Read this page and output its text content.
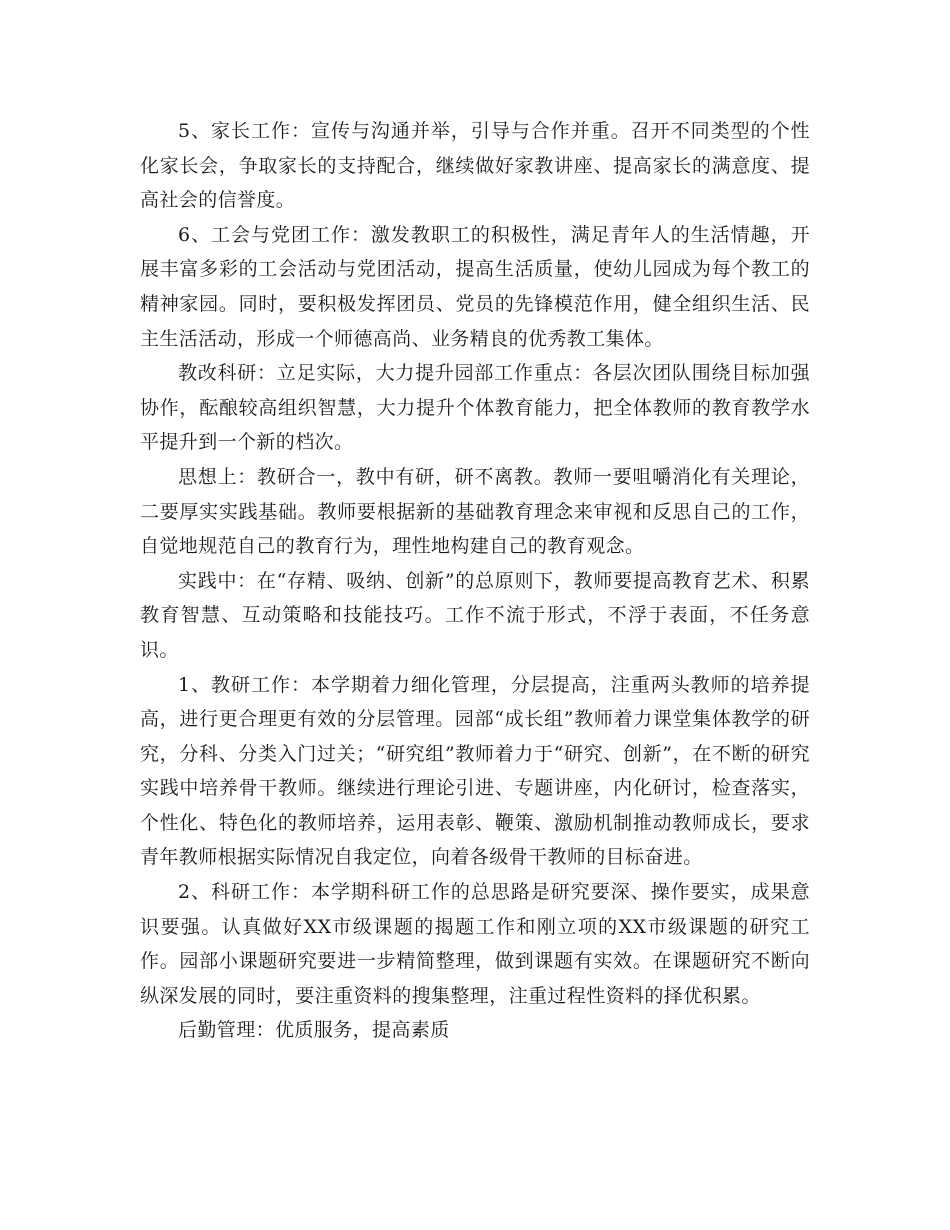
5、家长工作：宣传与沟通并举，引导与合作并重。召开不同类型的个性化家长会，争取家长的支持配合，继续做好家教讲座、提高家长的满意度、提高社会的信誉度。

6、工会与党团工作：激发教职工的积极性，满足青年人的生活情趣，开展丰富多彩的工会活动与党团活动，提高生活质量，使幼儿园成为每个教工的精神家园。同时，要积极发挥团员、党员的先锋模范作用，健全组织生活、民主生活活动，形成一个师德高尚、业务精良的优秀教工集体。

教改科研：立足实际，大力提升园部工作重点：各层次团队围绕目标加强协作，酝酿较高组织智慧，大力提升个体教育能力，把全体教师的教育教学水平提升到一个新的档次。

思想上：教研合一，教中有研，研不离教。教师一要咀嚼消化有关理论，二要厚实实践基础。教师要根据新的基础教育理念来审视和反思自己的工作，自觉地规范自己的教育行为，理性地构建自己的教育观念。

实践中：在“存精、吸纳、创新”的总原则下，教师要提高教育艺术、积累教育智慧、互动策略和技能技巧。工作不流于形式，不浮于表面，不任务意识。

1、教研工作：本学期着力细化管理，分层提高，注重两头教师的培养提高，进行更合理更有效的分层管理。园部“成长组”教师着力课堂集体教学的研究，分科、分类入门过关；“研究组”教师着力于“研究、创新”，在不断的研究实践中培养骨干教师。继续进行理论引进、专题讲座，内化研讨，检查落实，个性化、特色化的教师培养，运用表彰、鞭策、激励机制推动教师成长，要求青年教师根据实际情况自我定位，向着各级骨干教师的目标奋进。

2、科研工作：本学期科研工作的总思路是研究要深、操作要实，成果意识要强。认真做好XX市级课题的揭题工作和刚立项的XX市级课题的研究工作。园部小课题研究要进一步精简整理，做到课题有实效。在课题研究不断向纵深发展的同时，要注重资料的搜集整理，注重过程性资料的择优积累。

后勤管理：优质服务，提高素质
